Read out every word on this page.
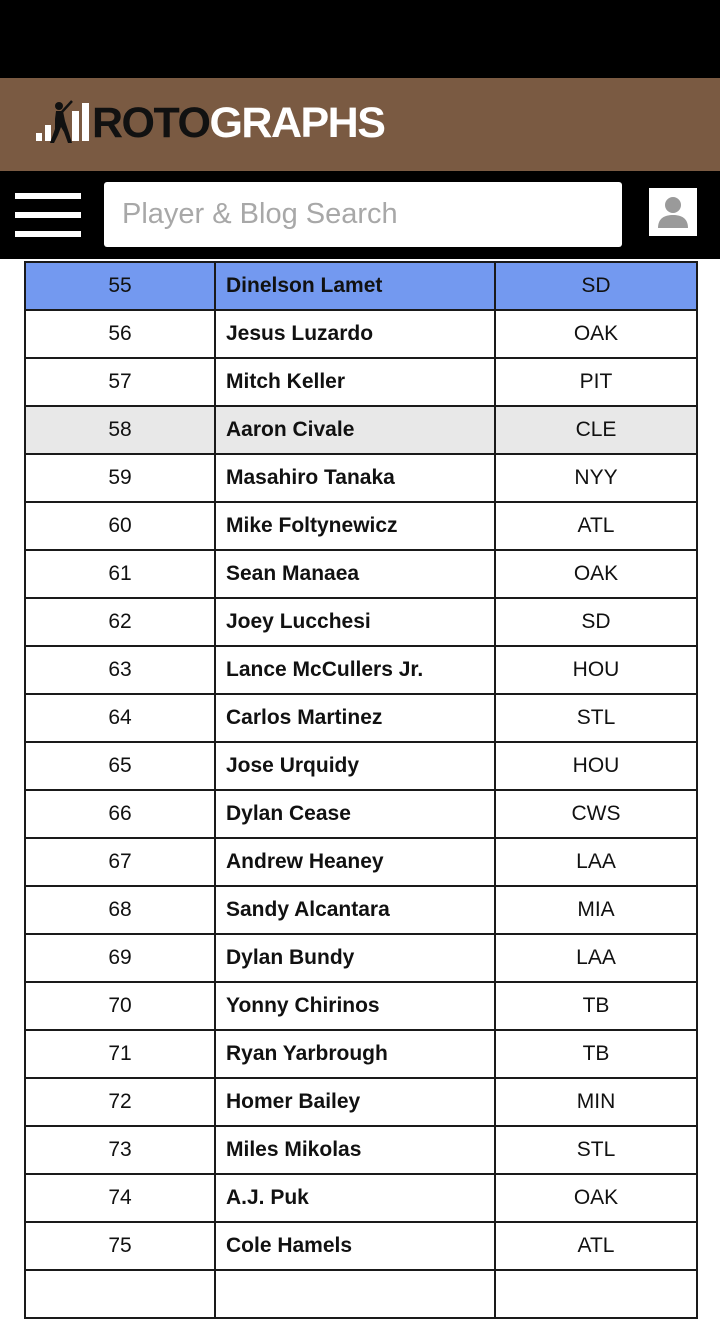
ROTOGRAPHS
Player & Blog Search
55	Dinelson Lamet	SD
56	Jesus Luzardo	OAK
57	Mitch Keller	PIT
58	Aaron Civale	CLE
59	Masahiro Tanaka	NYY
60	Mike Foltynewicz	ATL
61	Sean Manaea	OAK
62	Joey Lucchesi	SD
63	Lance McCullers Jr.	HOU
64	Carlos Martinez	STL
65	Jose Urquidy	HOU
66	Dylan Cease	CWS
67	Andrew Heaney	LAA
68	Sandy Alcantara	MIA
69	Dylan Bundy	LAA
70	Yonny Chirinos	TB
71	Ryan Yarbrough	TB
72	Homer Bailey	MIN
73	Miles Mikolas	STL
74	A.J. Puk	OAK
75	Cole Hamels	ATL
